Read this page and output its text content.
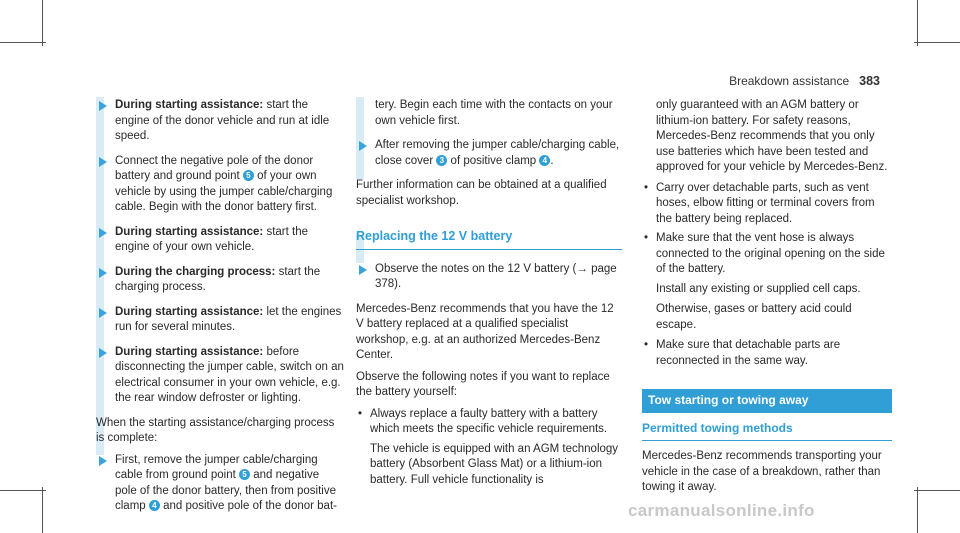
Breakdown assistance 383
During starting assistance: start the engine of the donor vehicle and run at idle speed.
Connect the negative pole of the donor battery and ground point 5 of your own vehicle by using the jumper cable/charging cable. Begin with the donor battery first.
During starting assistance: start the engine of your own vehicle.
During the charging process: start the charging process.
During starting assistance: let the engines run for several minutes.
During starting assistance: before disconnecting the jumper cable, switch on an electrical consumer in your own vehicle, e.g. the rear window defroster or lighting.

When the starting assistance/charging process is complete:

First, remove the jumper cable/charging cable from ground point 5 and negative pole of the donor battery, then from positive clamp 4 and positive pole of the donor bat-
tery. Begin each time with the contacts on your own vehicle first.
After removing the jumper cable/charging cable, close cover 3 of positive clamp 4 .

Further information can be obtained at a qualified specialist workshop.

Replacing the 12 V battery
Observe the notes on the 12 V battery (→ page 378).

Mercedes-Benz recommends that you have the 12 V battery replaced at a qualified specialist workshop, e.g. at an authorized Mercedes-Benz Center.

Observe the following notes if you want to replace the battery yourself:

• Always replace a faulty battery with a battery which meets the specific vehicle requirements.
The vehicle is equipped with an AGM technology battery (Absorbent Glass Mat) or a lithium-ion battery. Full vehicle functionality is
only guaranteed with an AGM battery or lithium-ion battery. For safety reasons, Mercedes-Benz recommends that you only use batteries which have been tested and approved for your vehicle by Mercedes-Benz.
• Carry over detachable parts, such as vent hoses, elbow fitting or terminal covers from the battery being replaced.
• Make sure that the vent hose is always connected to the original opening on the side of the battery.
Install any existing or supplied cell caps.
Otherwise, gases or battery acid could escape.
• Make sure that detachable parts are reconnected in the same way.
Tow starting or towing away
Permitted towing methods

Mercedes-Benz recommends transporting your vehicle in the case of a breakdown, rather than towing it away.

carmanualsonline.info
